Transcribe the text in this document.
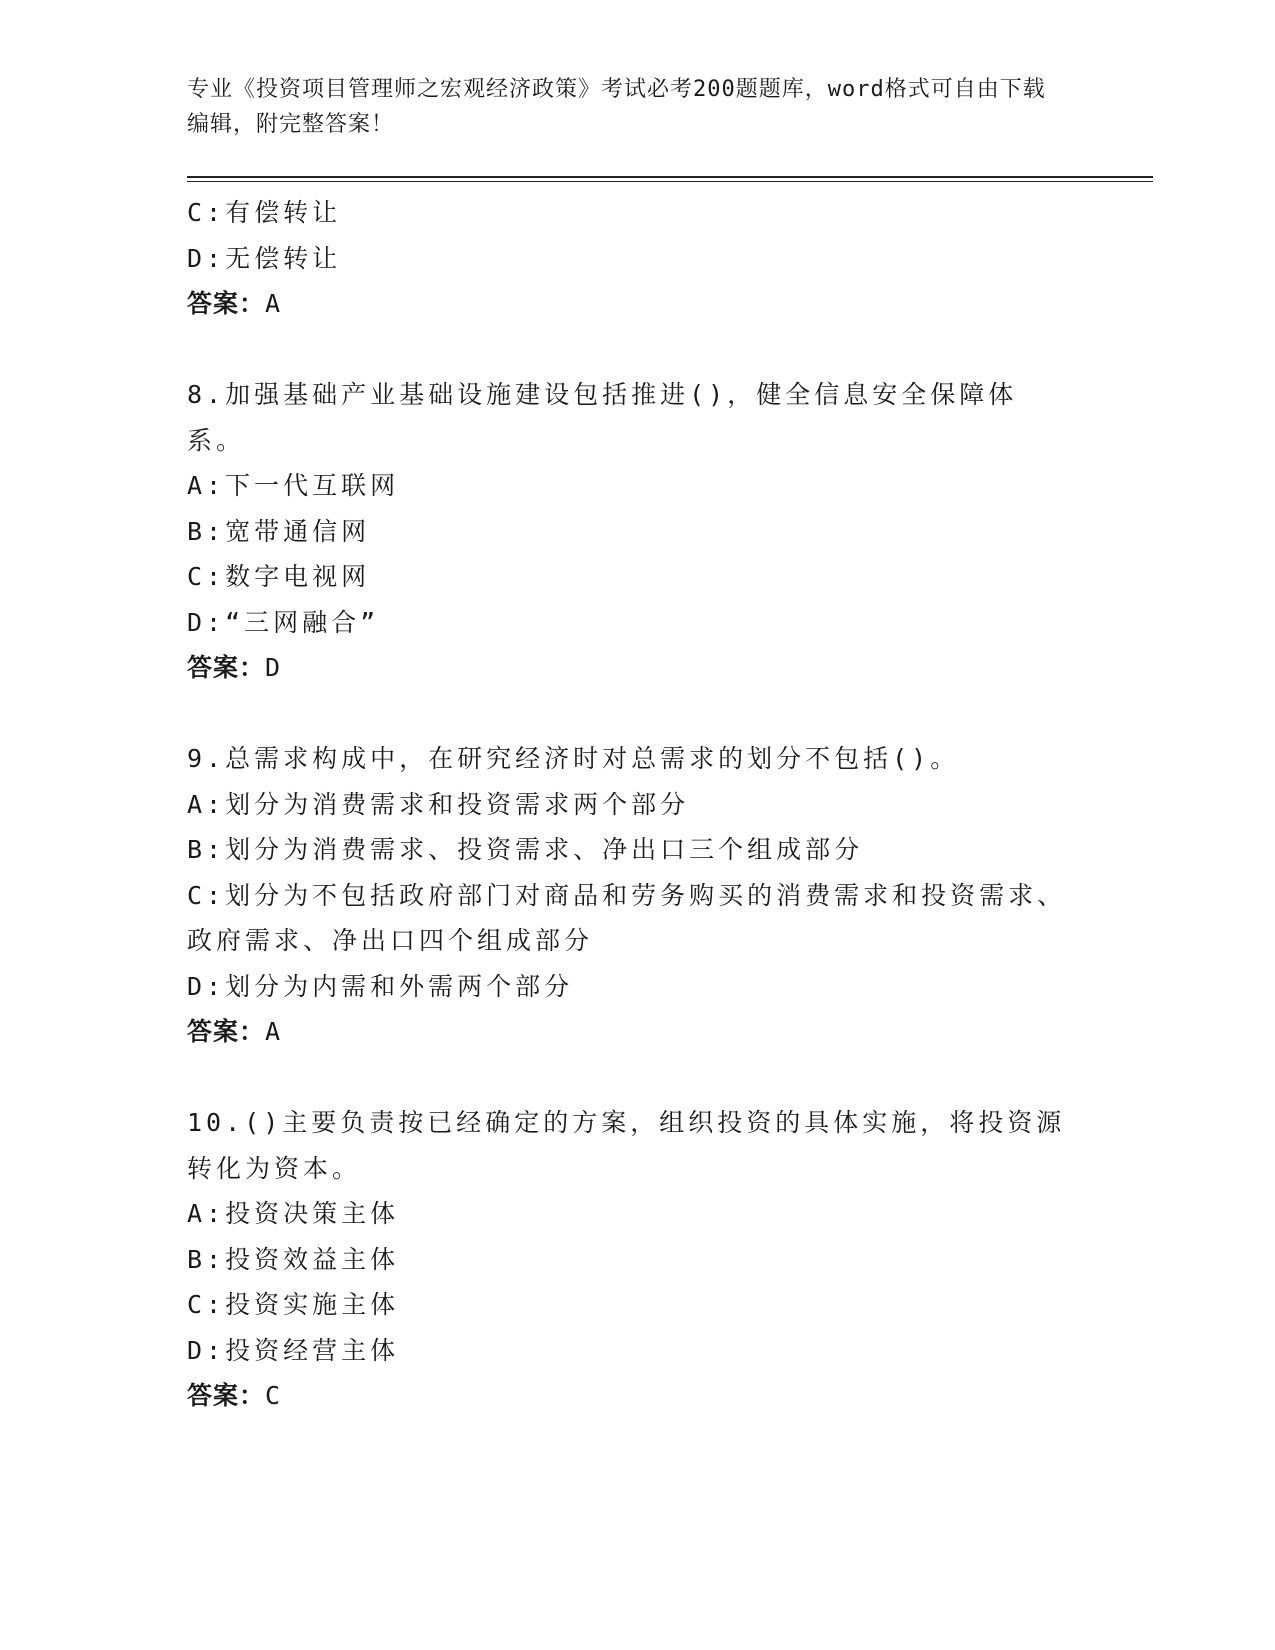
专业《投资项目管理师之宏观经济政策》考试必考200题题库，word格式可自由下载编辑，附完整答案！
C:有偿转让
D:无偿转让
答案：A
8.加强基础产业基础设施建设包括推进()，健全信息安全保障体系。
A:下一代互联网
B:宽带通信网
C:数字电视网
D:“三网融合”
答案：D
9.总需求构成中，在研究经济时对总需求的划分不包括()。
A:划分为消费需求和投资需求两个部分
B:划分为消费需求、投资需求、净出口三个组成部分
C:划分为不包括政府部门对商品和劳务购买的消费需求和投资需求、政府需求、净出口四个组成部分
D:划分为内需和外需两个部分
答案：A
10.()主要负责按已经确定的方案，组织投资的具体实施，将投资源转化为资本。
A:投资决策主体
B:投资效益主体
C:投资实施主体
D:投资经营主体
答案：C
